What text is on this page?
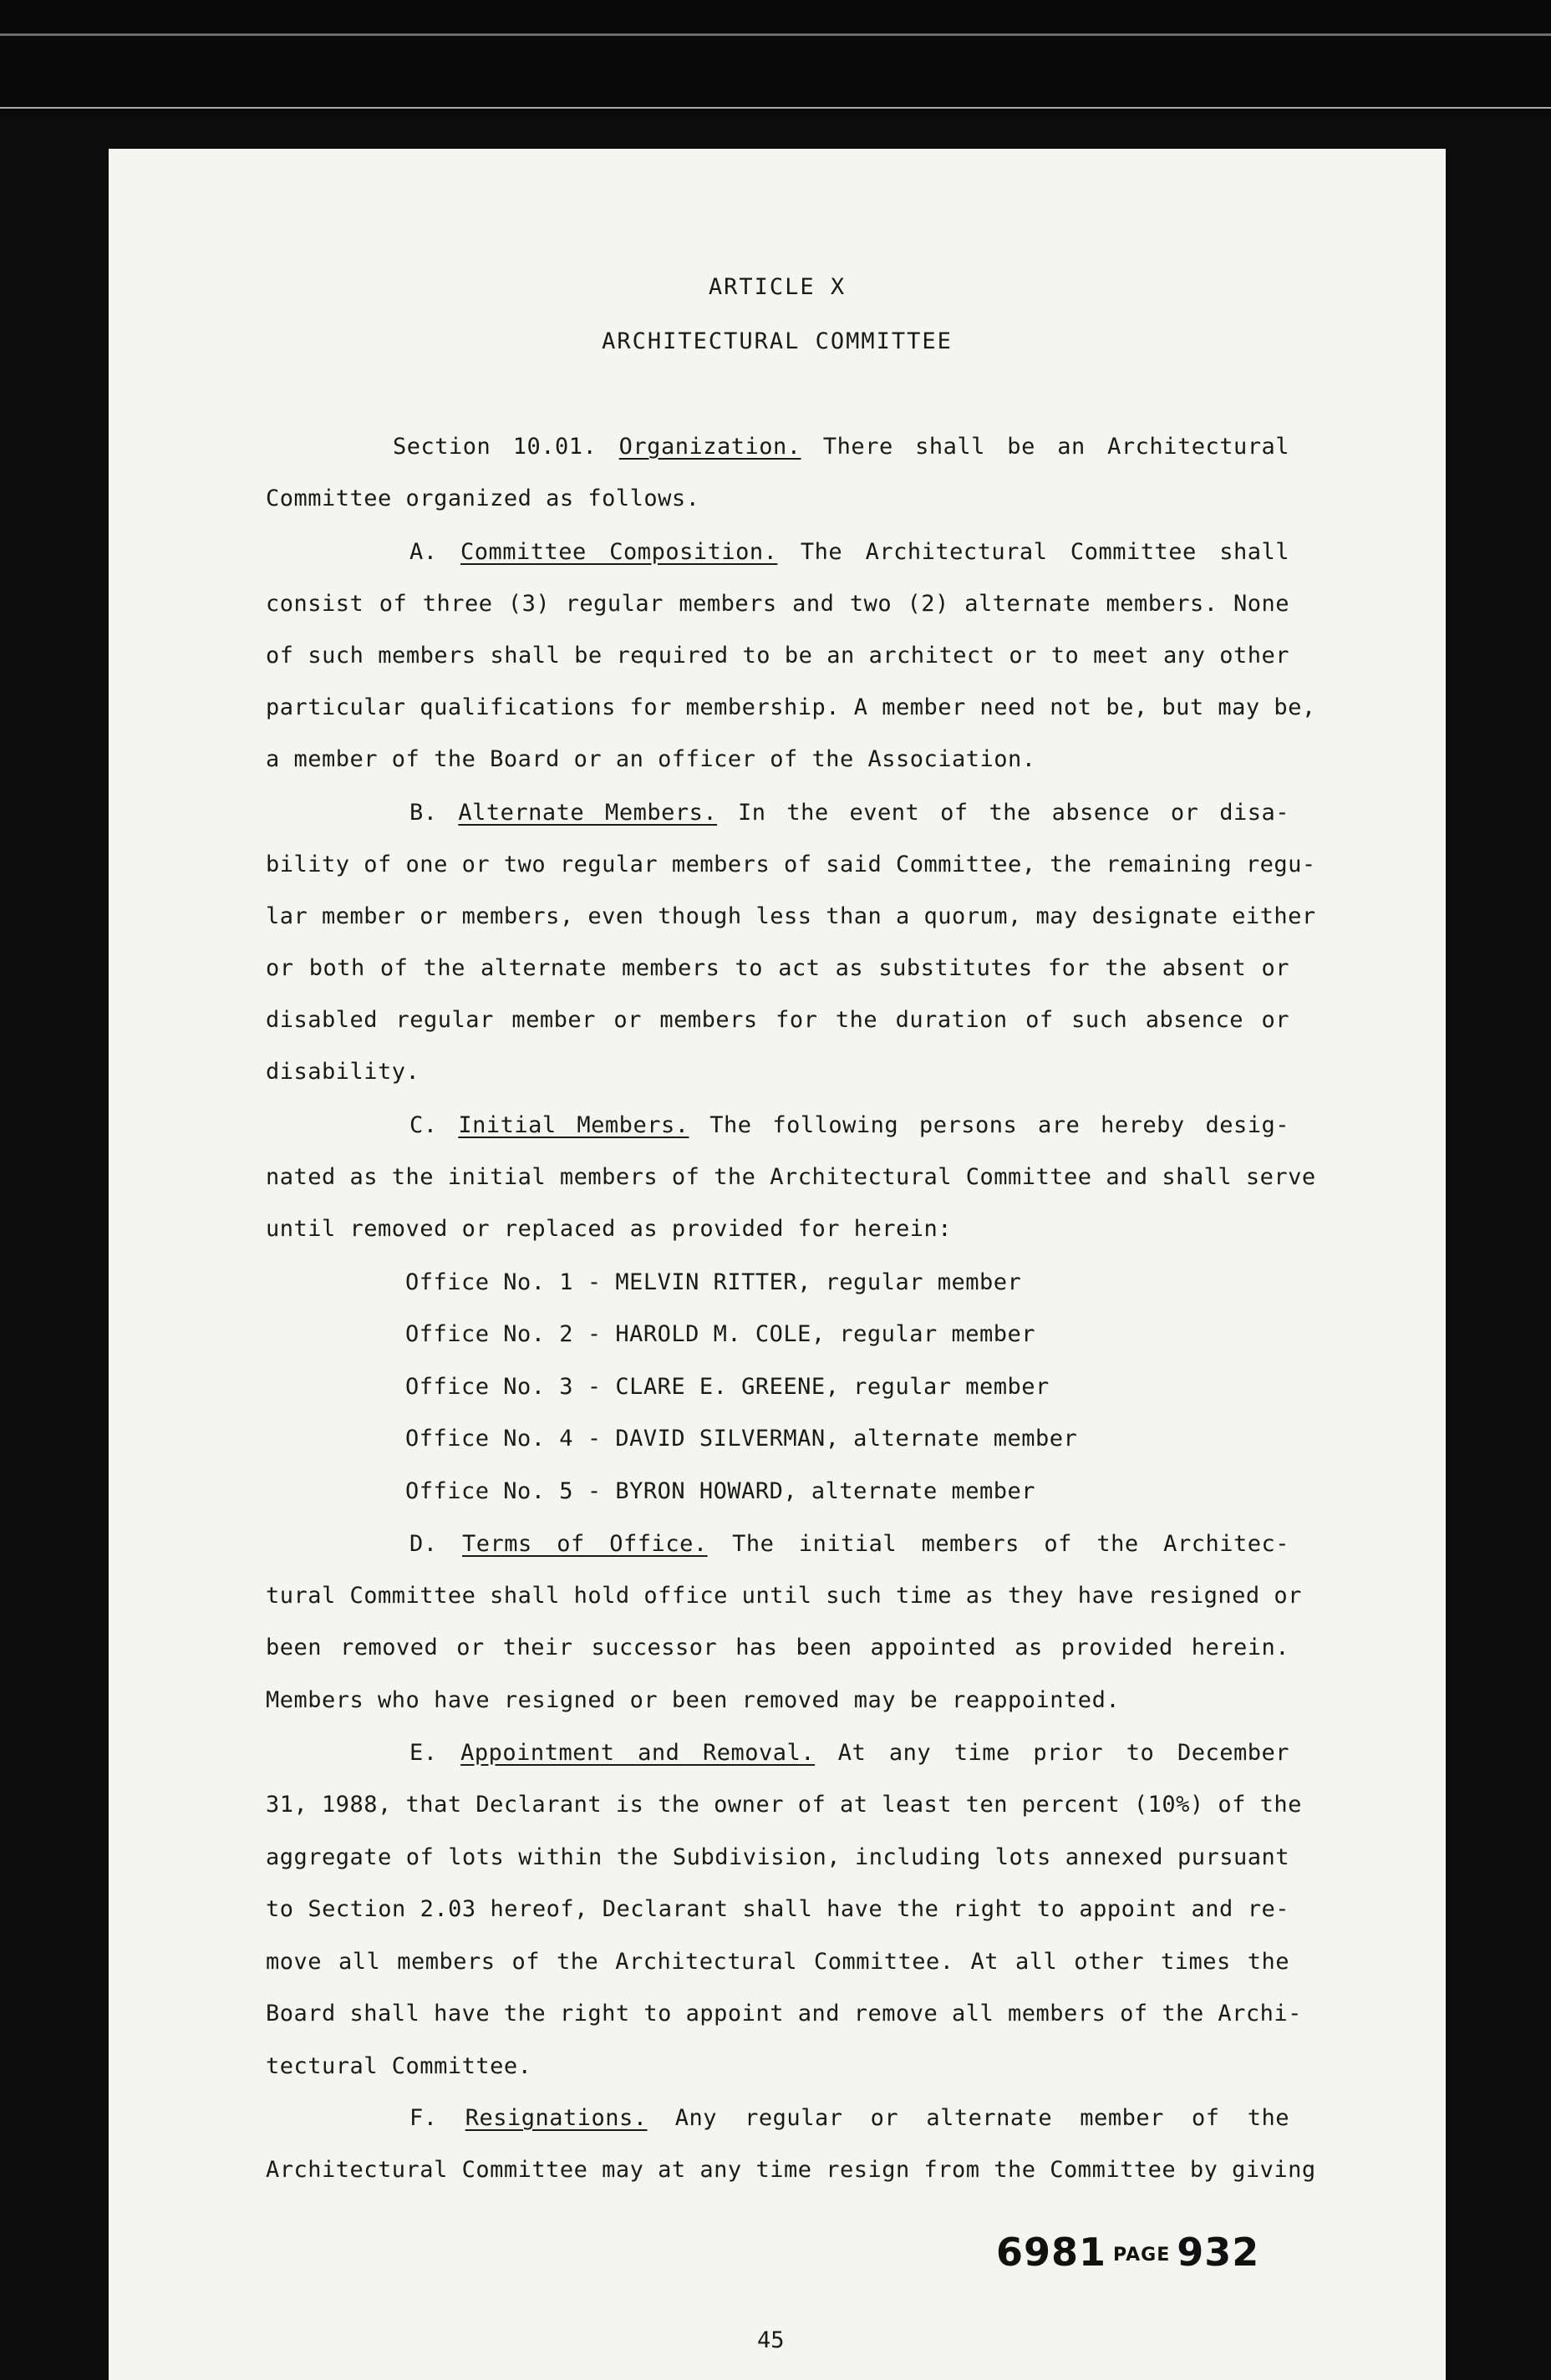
ARTICLE X
ARCHITECTURAL COMMITTEE
Section 10.01. Organization. There shall be an Architectural
Committee organized as follows.
A. Committee Composition. The Architectural Committee shall
consist of three (3) regular members and two (2) alternate members. None
of such members shall be required to be an architect or to meet any other
particular qualifications for membership. A member need not be, but may be,
a member of the Board or an officer of the Association.
B. Alternate Members. In the event of the absence or disa-
bility of one or two regular members of said Committee, the remaining regu-
lar member or members, even though less than a quorum, may designate either
or both of the alternate members to act as substitutes for the absent or
disabled regular member or members for the duration of such absence or
disability.
C. Initial Members. The following persons are hereby desig-
nated as the initial members of the Architectural Committee and shall serve
until removed or replaced as provided for herein:
Office No. 1 - MELVIN RITTER, regular member
Office No. 2 - HAROLD M. COLE, regular member
Office No. 3 - CLARE E. GREENE, regular member
Office No. 4 - DAVID SILVERMAN, alternate member
Office No. 5 - BYRON HOWARD, alternate member
D. Terms of Office. The initial members of the Architec-
tural Committee shall hold office until such time as they have resigned or
been removed or their successor has been appointed as provided herein.
Members who have resigned or been removed may be reappointed.
E. Appointment and Removal. At any time prior to December
31, 1988, that Declarant is the owner of at least ten percent (10%) of the
aggregate of lots within the Subdivision, including lots annexed pursuant
to Section 2.03 hereof, Declarant shall have the right to appoint and re-
move all members of the Architectural Committee. At all other times the
Board shall have the right to appoint and remove all members of the Archi-
tectural Committee.
F. Resignations. Any regular or alternate member of the
Architectural Committee may at any time resign from the Committee by giving
6981 PAGE 932
45
